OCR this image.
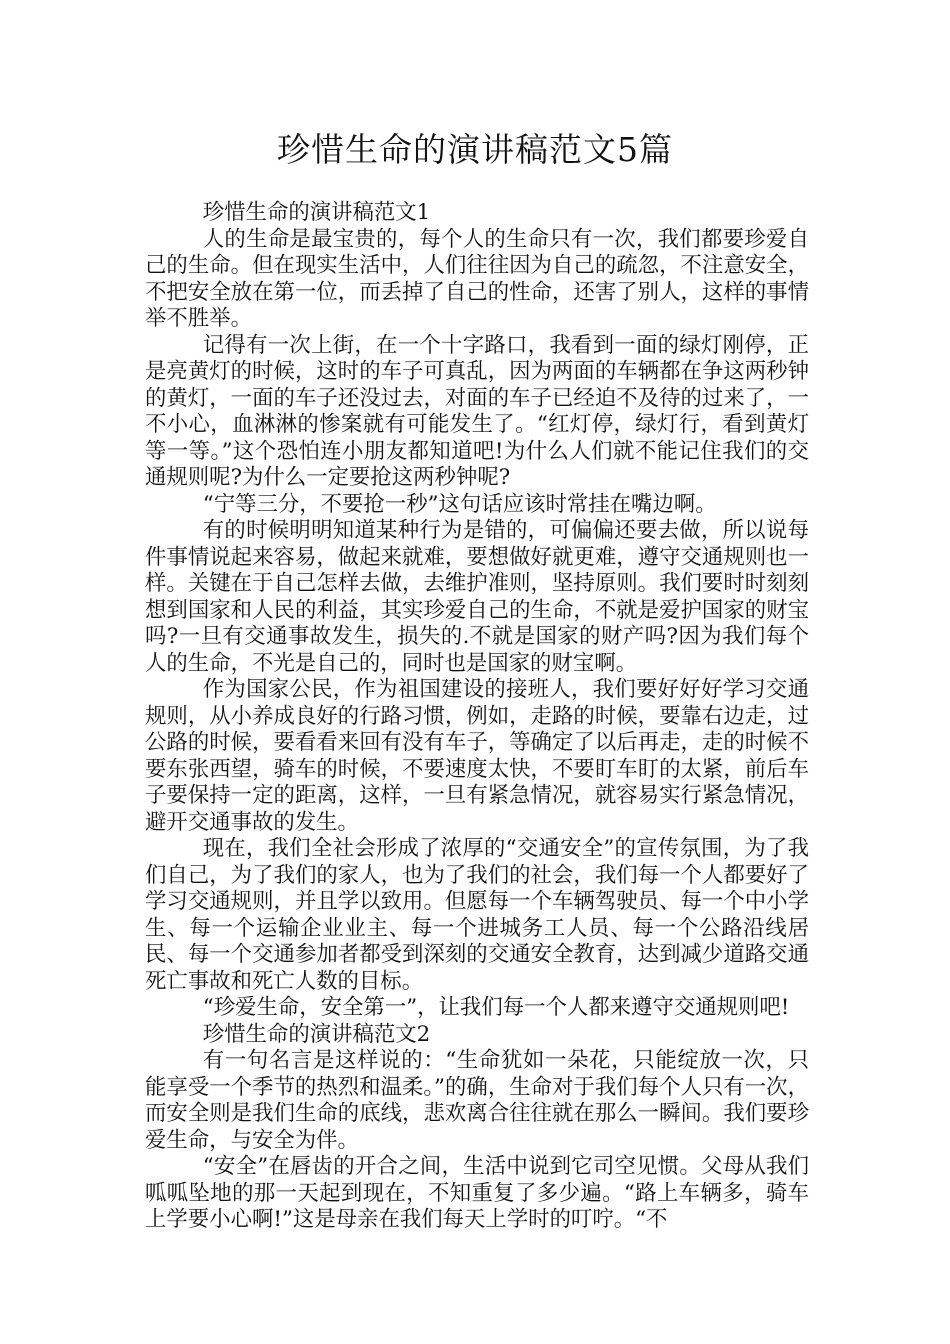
珍惜生命的演讲稿范文5篇
珍惜生命的演讲稿范文1

人的生命是最宝贵的，每个人的生命只有一次，我们都要珍爱自己的生命。但在现实生活中，人们往往因为自己的疏忽，不注意安全，不把安全放在第一位，而丢掉了自己的性命，还害了别人，这样的事情举不胜举。

记得有一次上街，在一个十字路口，我看到一面的绿灯刚停，正是亮黄灯的时候，这时的车子可真乱，因为两面的车辆都在争这两秒钟的黄灯，一面的车子还没过去，对面的车子已经迫不及待的过来了，一不小心，血淋淋的惨案就有可能发生了。“红灯停，绿灯行，看到黄灯等一等。”这个恐怕连小朋友都知道吧!为什么人们就不能记住我们的交通规则呢?为什么一定要抢这两秒钟呢?

“宁等三分，不要抢一秒”这句话应该时常挂在嘴边啊。

有的时候明明知道某种行为是错的，可偏偏还要去做，所以说每件事情说起来容易，做起来就难，要想做好就更难，遵守交通规则也一样。关键在于自己怎样去做，去维护准则，坚持原则。我们要时时刻刻想到国家和人民的利益，其实珍爱自己的生命，不就是爱护国家的财宝吗?一旦有交通事故发生，损失的.不就是国家的财产吗?因为我们每个人的生命，不光是自己的，同时也是国家的财宝啊。

作为国家公民，作为祖国建设的接班人，我们要好好好学习交通规则，从小养成良好的行路习惯，例如，走路的时候，要靠右边走，过公路的时候，要看看来回有没有车子，等确定了以后再走，走的时候不要东张西望，骑车的时候，不要速度太快，不要盯车盯的太紧，前后车子要保持一定的距离，这样，一旦有紧急情况，就容易实行紧急情况，避开交通事故的发生。

现在，我们全社会形成了浓厚的“交通安全”的宣传氛围，为了我们自己，为了我们的家人，也为了我们的社会，我们每一个人都要好了学习交通规则，并且学以致用。但愿每一个车辆驾驶员、每一个中小学生、每一个运输企业业主、每一个进城务工人员、每一个公路沿线居民、每一个交通参加者都受到深刻的交通安全教育，达到减少道路交通死亡事故和死亡人数的目标。

“珍爱生命，安全第一”，让我们每一个人都来遵守交通规则吧!

珍惜生命的演讲稿范文2

有一句名言是这样说的：“生命犹如一朵花，只能绽放一次，只能享受一个季节的热烈和温柔。”的确，生命对于我们每个人只有一次，而安全则是我们生命的底线，悲欢离合往往就在那么一瞬间。我们要珍爱生命，与安全为伴。

“安全”在唇齿的开合之间，生活中说到它司空见惯。父母从我们呱呱坠地的那一天起到现在，不知重复了多少遍。“路上车辆多，骑车上学要小心啊!”这是母亲在我们每天上学时的叮咛。“不
